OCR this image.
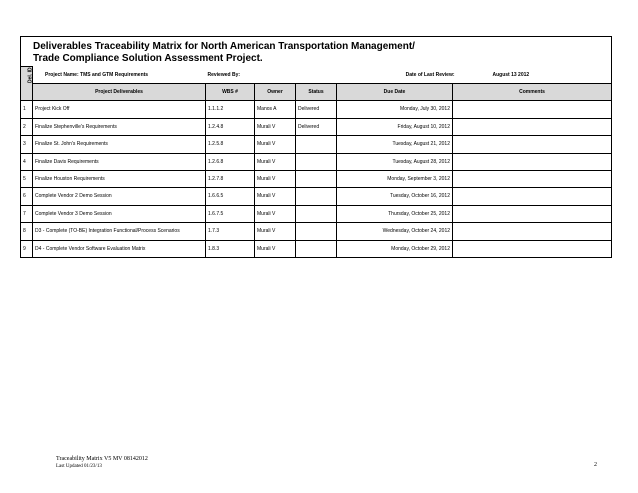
Deliverables Traceability Matrix for North American Transportation Management/
Trade Compliance Solution Assessment Project.						

Del. ID	Project Name: TMS and GTM Requirements	Reviewed By: Date of Last Review:				August 13 2012
	Project Deliverables	WBS #	Owner	Status	Due Date	Comments
1	Project Kick Off	1.1.1.2	Manos A	Delivered	Monday, July 30, 2012	
2	Finalize Stephenville's Requirements	1.2.4.8	Murali V	Delivered	Friday, August 10, 2012	
3	Finalize St. John's Requirements	1.2.5.8	Murali V		Tuesday, August 21, 2012	
4	Finalize Davis Requirements	1.2.6.8	Murali V		Tuesday, August 28, 2012	
5	Finalize Houston Requirements	1.2.7.8	Murali V		Monday, September 3, 2012	
6	Complete Vendor 2 Demo Session	1.6.6.5	Murali V		Tuesday, October 16, 2012	
7	Complete Vendor 3 Demo Session	1.6.7.5	Murali V		Thursday, October 25, 2012	
8	D3 - Complete (TO-BE) Integration Functional/Process Scenarios	1.7.3	Murali V		Wednesday, October 24, 2012	
9	D4 - Complete Vendor Software Evaluation Matrix	1.8.3	Murali V		Monday, October 29, 2012	
Traceability Matrix V5 MV 08142012
Last Updated 01/23/13	2
